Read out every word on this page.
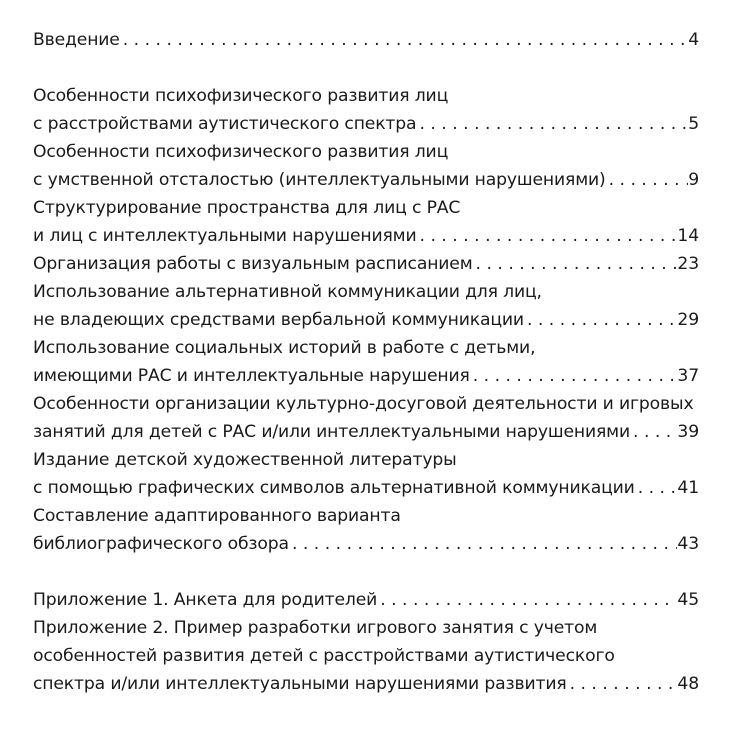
Введение . . .	4
Особенности психофизического развития лиц
с расстройствами аутистического спектра . . .	5
Особенности психофизического развития лиц
с умственной отсталостью (интеллектуальными нарушениями) . . .	9
Структурирование пространства для лиц с РАС
и лиц с интеллектуальными нарушениями . . .	14
Организация работы с визуальным расписанием . . .	23
Использование альтернативной коммуникации для лиц,
не владеющих средствами вербальной коммуникации . . .	29
Использование социальных историй в работе с детьми,
имеющими РАС и интеллектуальные нарушения . . .	37
Особенности организации культурно-досуговой деятельности и игровых
занятий для детей с РАС и/или интеллектуальными нарушениями . . .	39
Издание детской художественной литературы
с помощью графических символов альтернативной коммуникации . . . 41
Составление адаптированного варианта
библиографического обзора . . .	43
Приложение 1. Анкета для родителей . . .	45
Приложение 2. Пример разработки игрового занятия с учетом
особенностей развития детей с расстройствами аутистического
спектра и/или интеллектуальными нарушениями развития . . .	48
